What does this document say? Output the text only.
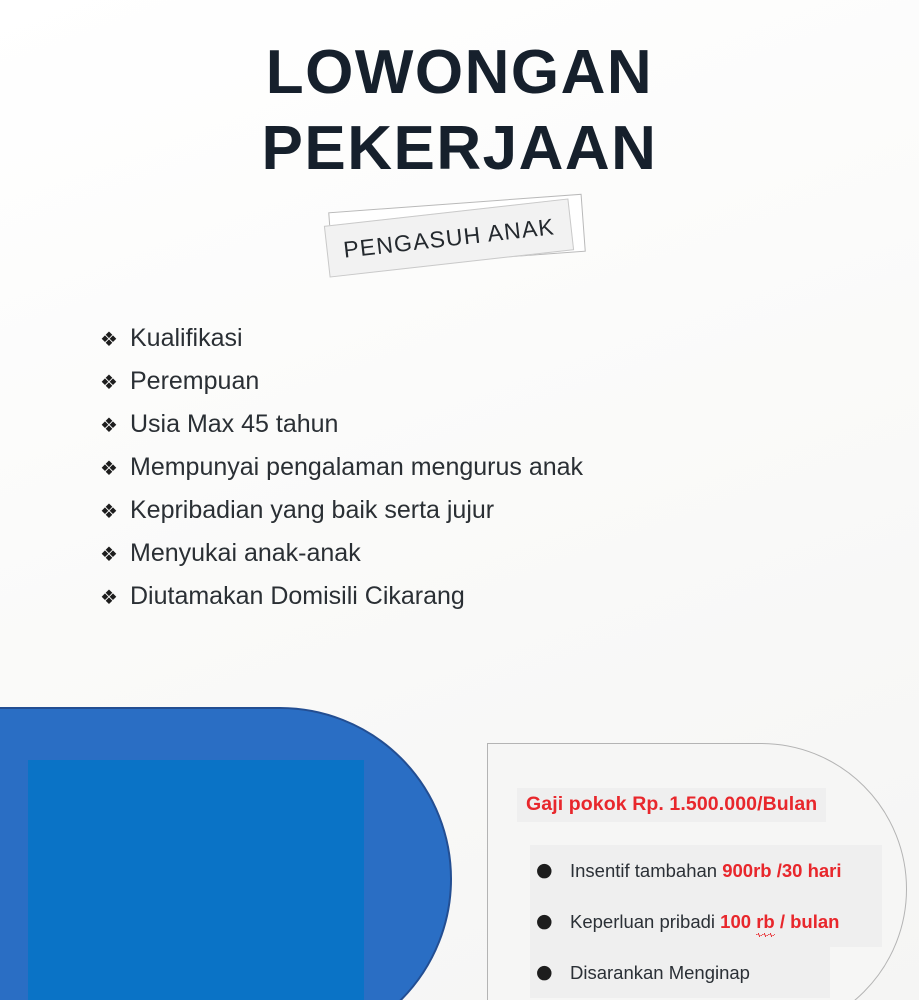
LOWONGAN
PEKERJAAN
PENGASUH ANAK
❖ Kualifikasi
❖ Perempuan
❖ Usia Max 45 tahun
❖ Mempunyai pengalaman mengurus anak
❖ Kepribadian yang baik serta jujur
❖ Menyukai anak-anak
❖ Diutamakan Domisili Cikarang
Gaji pokok Rp. 1.500.000/Bulan
● Insentif tambahan 900rb /30 hari
● Keperluan pribadi 100 rb / bulan
● Disarankan Menginap
